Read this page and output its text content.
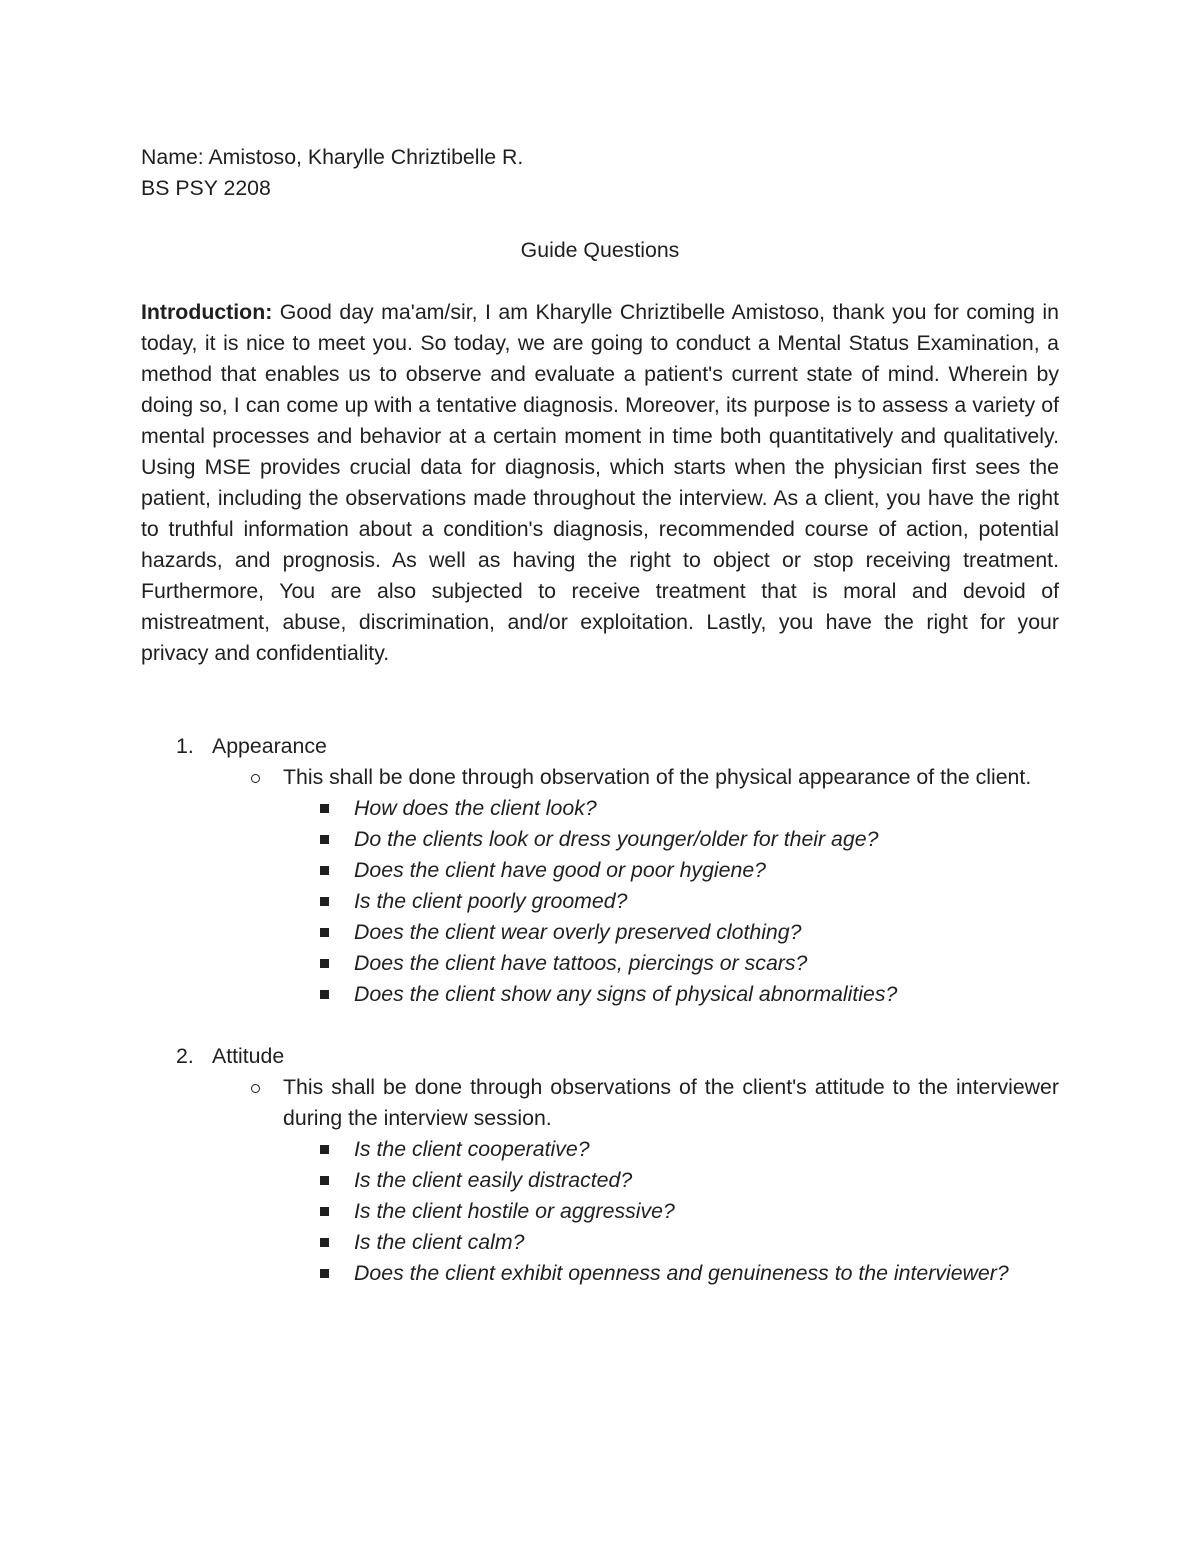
Name: Amistoso, Kharylle Chriztibelle R.

BS PSY 2208

Guide Questions

Introduction: Good day ma'am/sir, I am Kharylle Chriztibelle Amistoso, thank you for coming in today, it is nice to meet you. So today, we are going to conduct a Mental Status Examination, a method that enables us to observe and evaluate a patient's current state of mind. Wherein by doing so, I can come up with a tentative diagnosis. Moreover, its purpose is to assess a variety of mental processes and behavior at a certain moment in time both quantitatively and qualitatively. Using MSE provides crucial data for diagnosis, which starts when the physician first sees the patient, including the observations made throughout the interview. As a client, you have the right to truthful information about a condition's diagnosis, recommended course of action, potential hazards, and prognosis. As well as having the right to object or stop receiving treatment. Furthermore, You are also subjected to receive treatment that is moral and devoid of mistreatment, abuse, discrimination, and/or exploitation. Lastly, you have the right for your privacy and confidentiality.

1. Appearance
This shall be done through observation of the physical appearance of the client.
How does the client look?
Do the clients look or dress younger/older for their age?
Does the client have good or poor hygiene?
Is the client poorly groomed?
Does the client wear overly preserved clothing?
Does the client have tattoos, piercings or scars?
Does the client show any signs of physical abnormalities?
2. Attitude
This shall be done through observations of the client's attitude to the interviewer during the interview session.
Is the client cooperative?
Is the client easily distracted?
Is the client hostile or aggressive?
Is the client calm?
Does the client exhibit openness and genuineness to the interviewer?
